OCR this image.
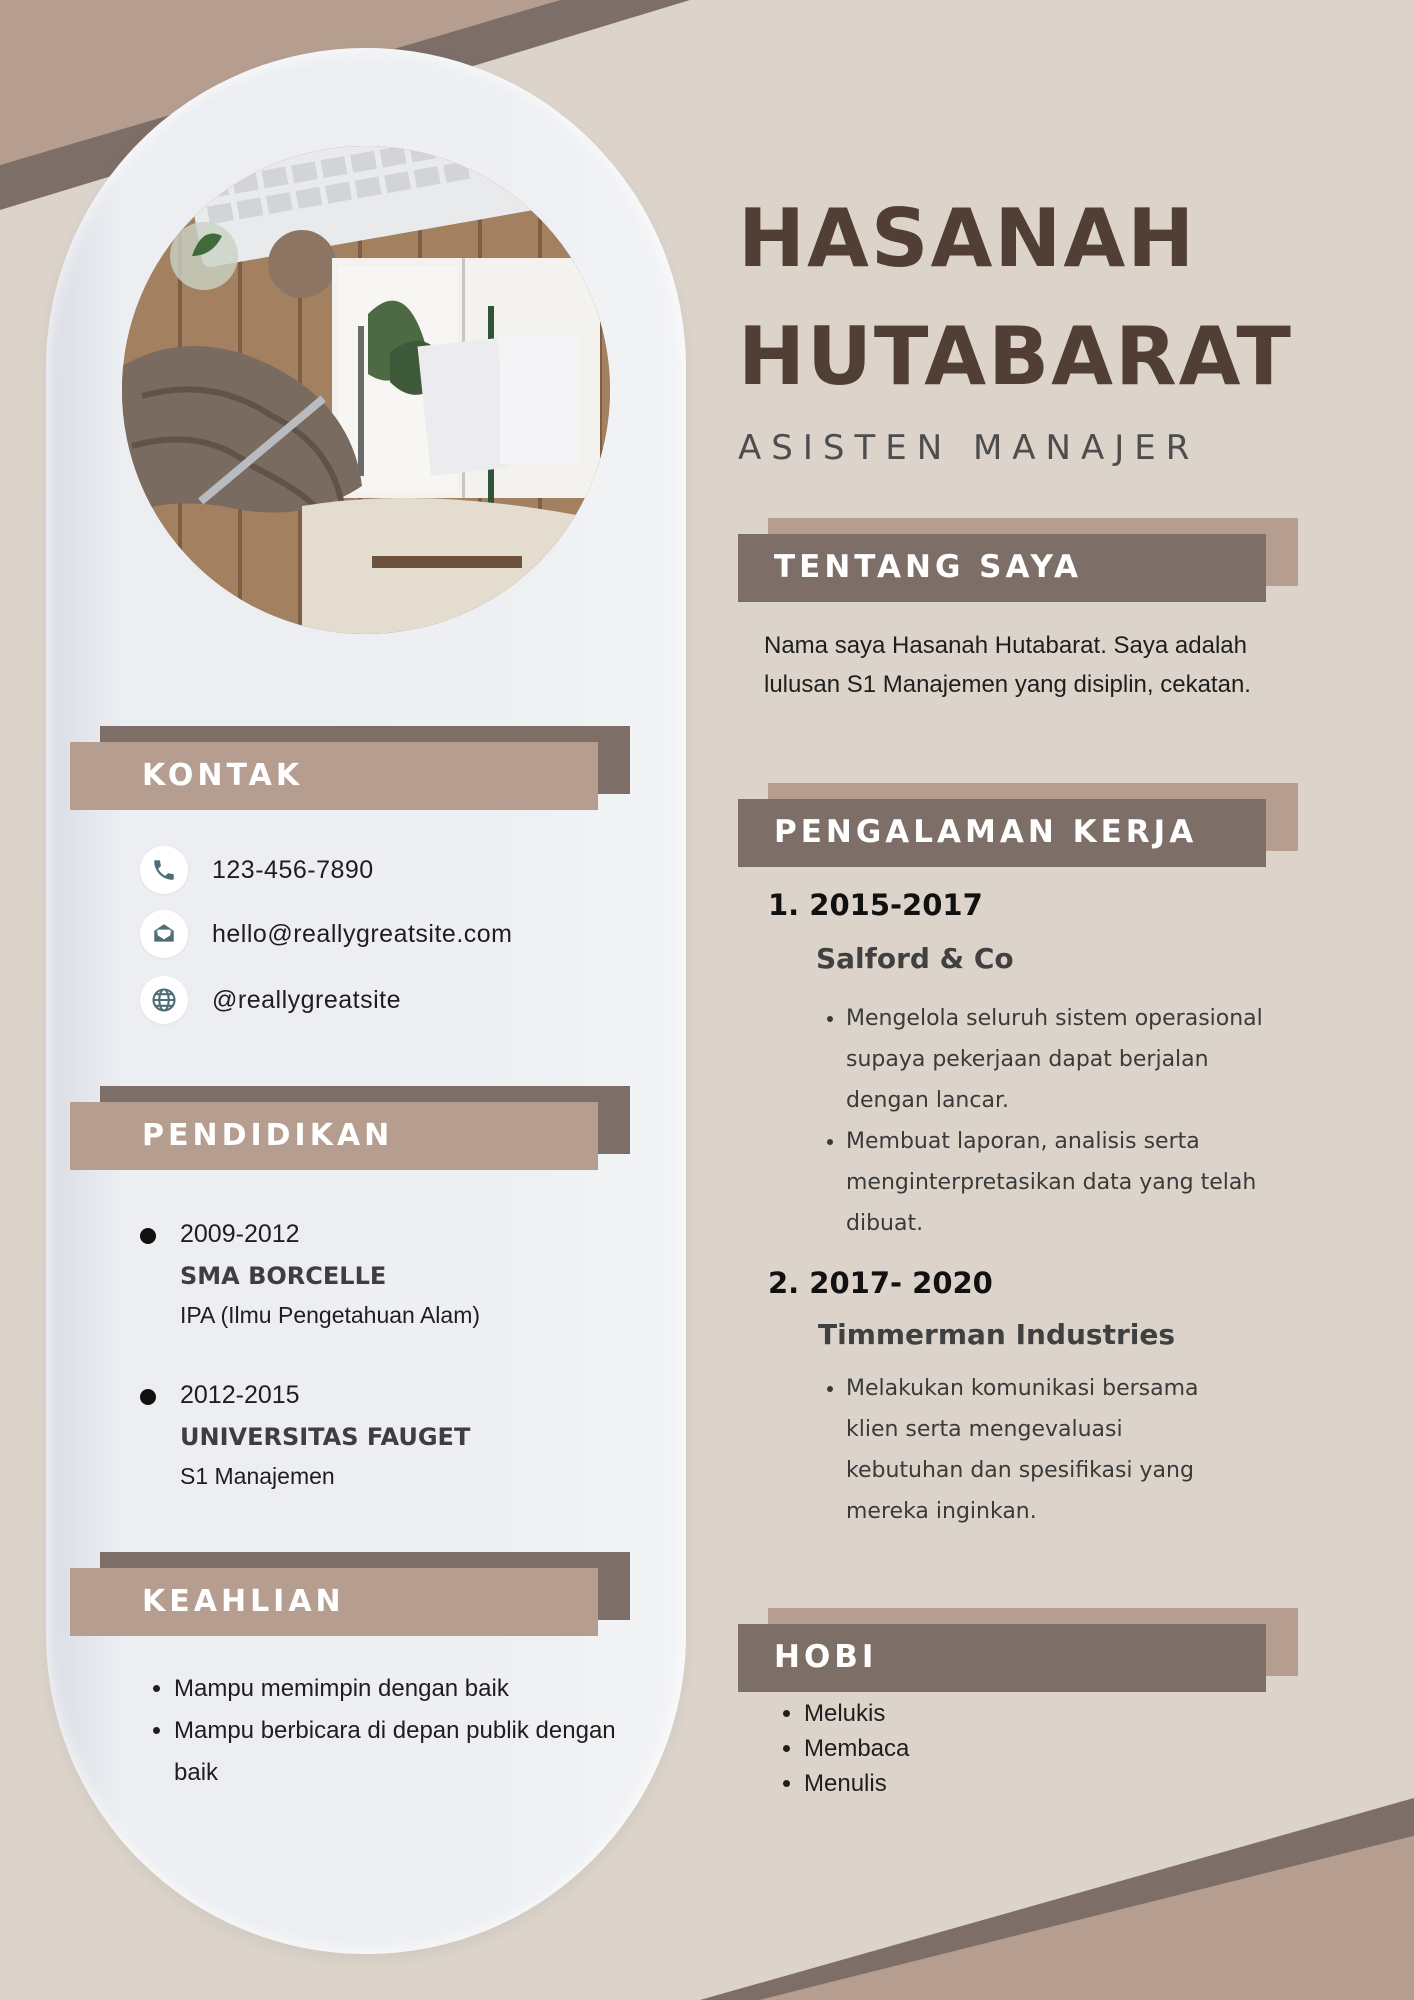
KONTAK
123-456-7890
hello@reallygreatsite.com
@reallygreatsite
PENDIDIKAN
2009-2012
SMA BORCELLE
IPA (Ilmu Pengetahuan Alam)
2012-2015
UNIVERSITAS FAUGET
S1 Manajemen
KEAHLIAN
• Mampu memimpin dengan baik
• Mampu berbicara di depan publik dengan baik
HASANAH
HUTABARAT
ASISTEN MANAJER
TENTANG SAYA
Nama saya Hasanah Hutabarat. Saya adalah lulusan S1 Manajemen yang disiplin, cekatan.
PENGALAMAN KERJA
1. 2015-2017
Salford & Co
• Mengelola seluruh sistem operasional supaya pekerjaan dapat berjalan dengan lancar.
• Membuat laporan, analisis serta menginterpretasikan data yang telah dibuat.
2. 2017- 2020
Timmerman Industries
• Melakukan komunikasi bersama klien serta mengevaluasi kebutuhan dan spesifikasi yang mereka inginkan.
HOBI
• Melukis
• Membaca
• Menulis
